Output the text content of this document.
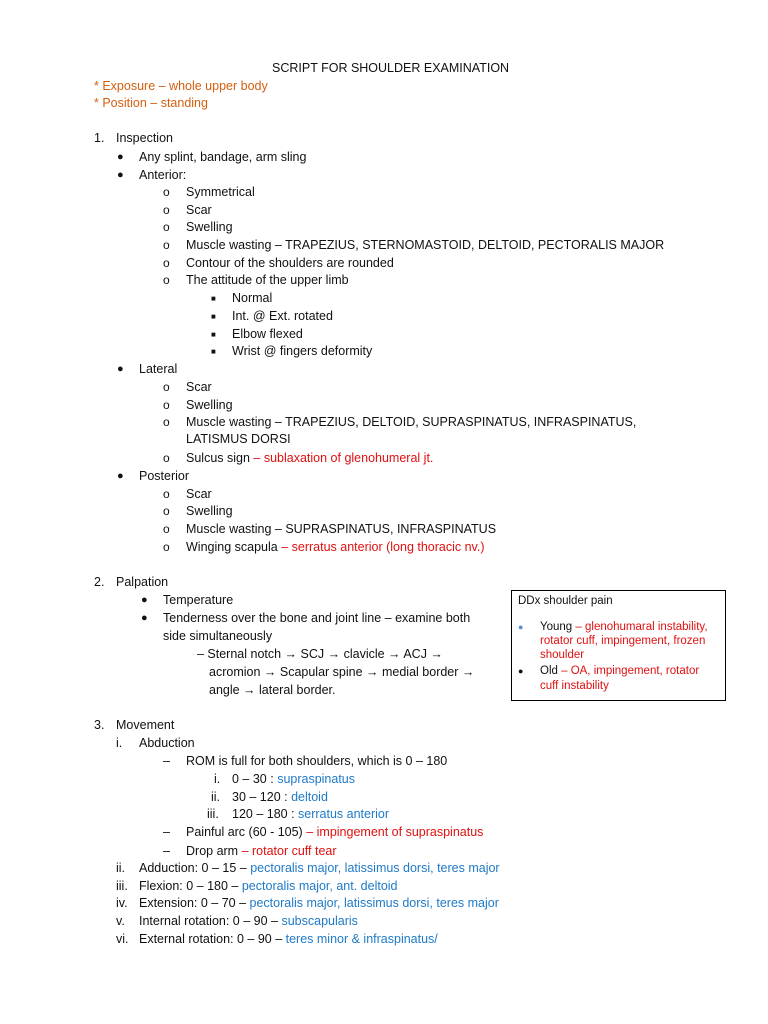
SCRIPT FOR SHOULDER EXAMINATION
* Exposure – whole upper body
* Position – standing
1. Inspection
● Any splint, bandage, arm sling
● Anterior:
o Symmetrical
o Scar
o Swelling
o Muscle wasting – TRAPEZIUS, STERNOMASTOID, DELTOID, PECTORALIS MAJOR
o Contour of the shoulders are rounded
o The attitude of the upper limb
■ Normal
■ Int. @ Ext. rotated
■ Elbow flexed
■ Wrist @ fingers deformity
● Lateral
o Scar
o Swelling
o Muscle wasting – TRAPEZIUS, DELTOID, SUPRASPINATUS, INFRASPINATUS,
LATISMUS DORSI
o Sulcus sign – sublaxation of glenohumeral jt.
● Posterior
o Scar
o Swelling
o Muscle wasting – SUPRASPINATUS, INFRASPINATUS
o Winging scapula – serratus anterior (long thoracic nv.)
2. Palpation
● Temperature
● Tenderness over the bone and joint line – examine both
side simultaneously
– Sternal notch → SCJ → clavicle → ACJ →
acromion → Scapular spine → medial border →
angle → lateral border.
DDx shoulder pain
● Young – glenohumaral instability,
rotator cuff, impingement, frozen
shoulder
● Old – OA, impingement, rotator
cuff instability
3. Movement
i. Abduction
– ROM is full for both shoulders, which is 0 – 180
i. 0 – 30 : supraspinatus
ii. 30 – 120 : deltoid
iii. 120 – 180 : serratus anterior
– Painful arc (60 - 105) – impingement of supraspinatus
– Drop arm – rotator cuff tear
ii. Adduction: 0 – 15 – pectoralis major, latissimus dorsi, teres major
iii. Flexion: 0 – 180 – pectoralis major, ant. deltoid
iv. Extension: 0 – 70 – pectoralis major, latissimus dorsi, teres major
v. Internal rotation: 0 – 90 – subscapularis
vi. External rotation: 0 – 90 – teres minor & infraspinatus/
